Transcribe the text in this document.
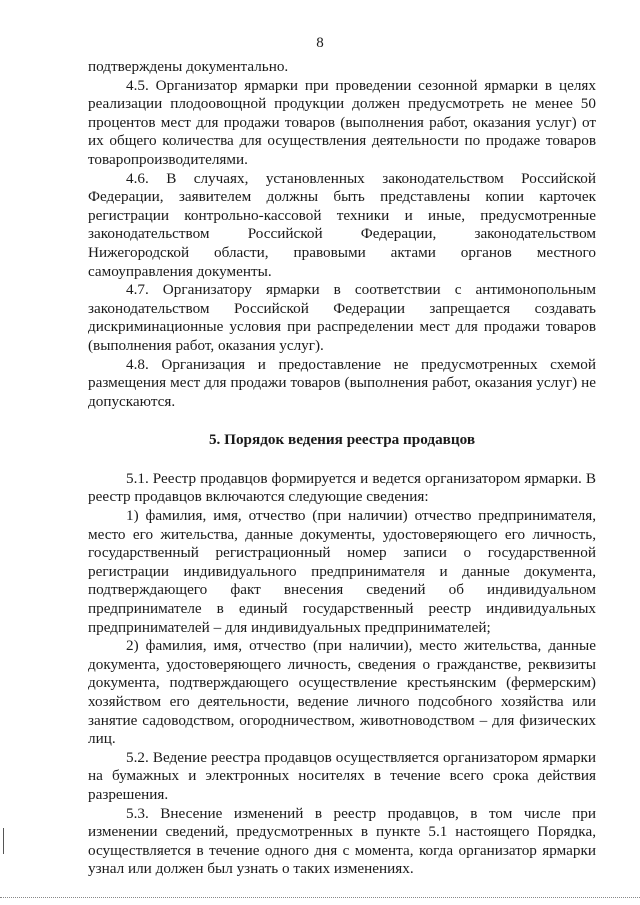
8

подтверждены документально.

4.5. Организатор ярмарки при проведении сезонной ярмарки в целях реализации плодоовощной продукции должен предусмотреть не менее 50 процентов мест для продажи товаров (выполнения работ, оказания услуг) от их общего количества для осуществления деятельности по продаже товаров товаропроизводителями.

4.6. В случаях, установленных законодательством Российской Федерации, заявителем должны быть представлены копии карточек регистрации контрольно-кассовой техники и иные, предусмотренные законодательством Российской Федерации, законодательством Нижегородской области, правовыми актами органов местного самоуправления документы.

4.7. Организатору ярмарки в соответствии с антимонопольным законодательством Российской Федерации запрещается создавать дискриминационные условия при распределении мест для продажи товаров (выполнения работ, оказания услуг).

4.8. Организация и предоставление не предусмотренных схемой размещения мест для продажи товаров (выполнения работ, оказания услуг) не допускаются.

5. Порядок ведения реестра продавцов

5.1. Реестр продавцов формируется и ведется организатором ярмарки. В реестр продавцов включаются следующие сведения:

1) фамилия, имя, отчество (при наличии) отчество предпринимателя, место его жительства, данные документы, удостоверяющего его личность, государственный регистрационный номер записи о государственной регистрации индивидуального предпринимателя и данные документа, подтверждающего факт внесения сведений об индивидуальном предпринимателе в единый государственный реестр индивидуальных предпринимателей – для индивидуальных предпринимателей;

2) фамилия, имя, отчество (при наличии), место жительства, данные документа, удостоверяющего личность, сведения о гражданстве, реквизиты документа, подтверждающего осуществление крестьянским (фермерским) хозяйством его деятельности, ведение личного подсобного хозяйства или занятие садоводством, огородничеством, животноводством – для физических лиц.

5.2. Ведение реестра продавцов осуществляется организатором ярмарки на бумажных и электронных носителях в течение всего срока действия разрешения.

5.3. Внесение изменений в реестр продавцов, в том числе при изменении сведений, предусмотренных в пункте 5.1 настоящего Порядка, осуществляется в течение одного дня с момента, когда организатор ярмарки узнал или должен был узнать о таких изменениях.
